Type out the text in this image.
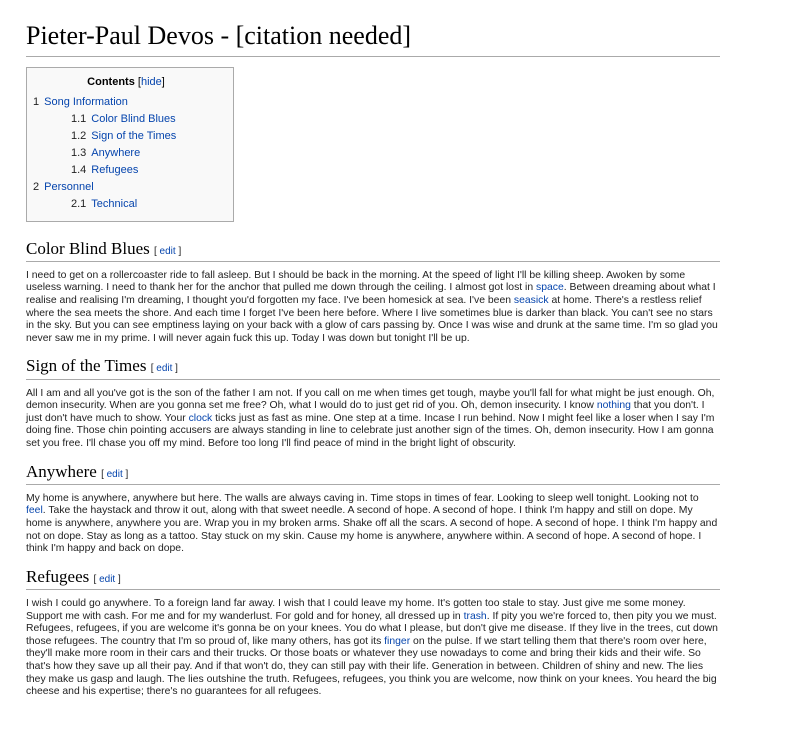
Pieter-Paul Devos - [citation needed]
Contents [hide]
1 Song Information
1.1 Color Blind Blues
1.2 Sign of the Times
1.3 Anywhere
1.4 Refugees
2 Personnel
2.1 Technical
Color Blind Blues [ edit ]

I need to get on a rollercoaster ride to fall asleep. But I should be back in the morning. At the speed of light I'll be killing sheep. Awoken by some useless warning. I need to thank her for the anchor that pulled me down through the ceiling. I almost got lost in space. Between dreaming about what I realise and realising I'm dreaming, I thought you'd forgotten my face. I've been homesick at sea. I've been seasick at home. There's a restless relief where the sea meets the shore. And each time I forget I've been here before. Where I live sometimes blue is darker than black. You can't see no stars in the sky. But you can see emptiness laying on your back with a glow of cars passing by. Once I was wise and drunk at the same time. I'm so glad you never saw me in my prime. I will never again fuck this up. Today I was down but tonight I'll be up.

Sign of the Times [ edit ]

All I am and all you've got is the son of the father I am not. If you call on me when times get tough, maybe you'll fall for what might be just enough. Oh, demon insecurity. When are you gonna set me free? Oh, what I would do to just get rid of you. Oh, demon insecurity. I know nothing that you don't. I just don't have much to show. Your clock ticks just as fast as mine. One step at a time. Incase I run behind. Now I might feel like a loser when I say I'm doing fine. Those chin pointing accusers are always standing in line to celebrate just another sign of the times. Oh, demon insecurity. How I am gonna set you free. I'll chase you off my mind. Before too long I'll find peace of mind in the bright light of obscurity.

Anywhere [ edit ]

My home is anywhere, anywhere but here. The walls are always caving in. Time stops in times of fear. Looking to sleep well tonight. Looking not to feel. Take the haystack and throw it out, along with that sweet needle. A second of hope. A second of hope. I think I'm happy and still on dope. My home is anywhere, anywhere you are. Wrap you in my broken arms. Shake off all the scars. A second of hope. A second of hope. I think I'm happy and not on dope. Stay as long as a tattoo. Stay stuck on my skin. Cause my home is anywhere, anywhere within. A second of hope. A second of hope. I think I'm happy and back on dope.

Refugees [ edit ]

I wish I could go anywhere. To a foreign land far away. I wish that I could leave my home. It's gotten too stale to stay. Just give me some money. Support me with cash. For me and for my wanderlust. For gold and for honey, all dressed up in trash. If pity you we're forced to, then pity you we must. Refugees, refugees, if you are welcome it's gonna be on your knees. You do what I please, but don't give me disease. If they live in the trees, cut down those refugees. The country that I'm so proud of, like many others, has got its finger on the pulse. If we start telling them that there's room over here, they'll make more room in their cars and their trucks. Or those boats or whatever they use nowadays to come and bring their kids and their wife. So that's how they save up all their pay. And if that won't do, they can still pay with their life. Generation in between. Children of shiny and new. The lies they make us gasp and laugh. The lies outshine the truth. Refugees, refugees, you think you are welcome, now think on your knees. You heard the big cheese and his expertise; there's no guarantees for all refugees.
